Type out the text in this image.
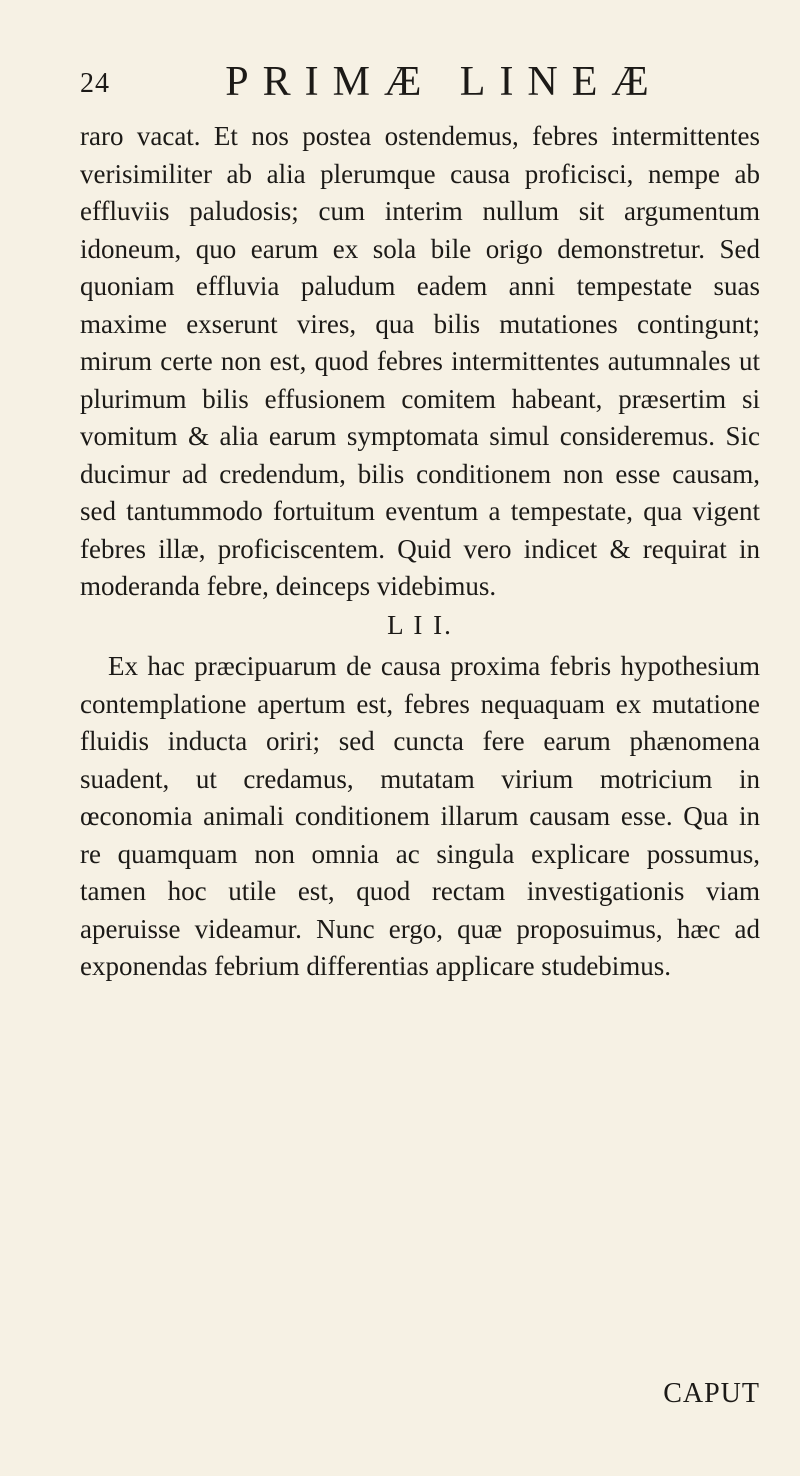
24	PRIMÆ LINEÆ

raro vacat. Et nos postea ostendemus, febres intermittentes verisimiliter ab alia plerumque causa proficisci, nempe ab effluviis paludosis; cum interim nullum sit argumentum idoneum, quo earum ex sola bile origo demonstretur. Sed quoniam effluvia paludum eadem anni tempestate suas maxime exserunt vires, qua bilis mutationes contingunt; mirum certe non est, quod febres intermittentes autumnales ut plurimum bilis effusionem comitem habeant, præsertim si vomitum & alia earum symptomata simul consideremus. Sic ducimur ad credendum, bilis conditionem non esse causam, sed tantummodo fortuitum eventum a tempestate, qua vigent febres illæ, proficiscentem. Quid vero indicet & requirat in moderanda febre, deinceps videbimus.

L I I.

Ex hac præcipuarum de causa proxima febris hypothesium contemplatione apertum est, febres nequaquam ex mutatione fluidis inducta oriri; sed cuncta fere earum phænomena suadent, ut credamus, mutatam virium motricium in œconomia animali conditionem illarum causam esse. Qua in re quamquam non omnia ac singula explicare possumus, tamen hoc utile est, quod rectam investigationis viam aperuisse videamur. Nunc ergo, quæ proposuimus, hæc ad exponendas febrium differentias applicare studebimus.

CAPUT
